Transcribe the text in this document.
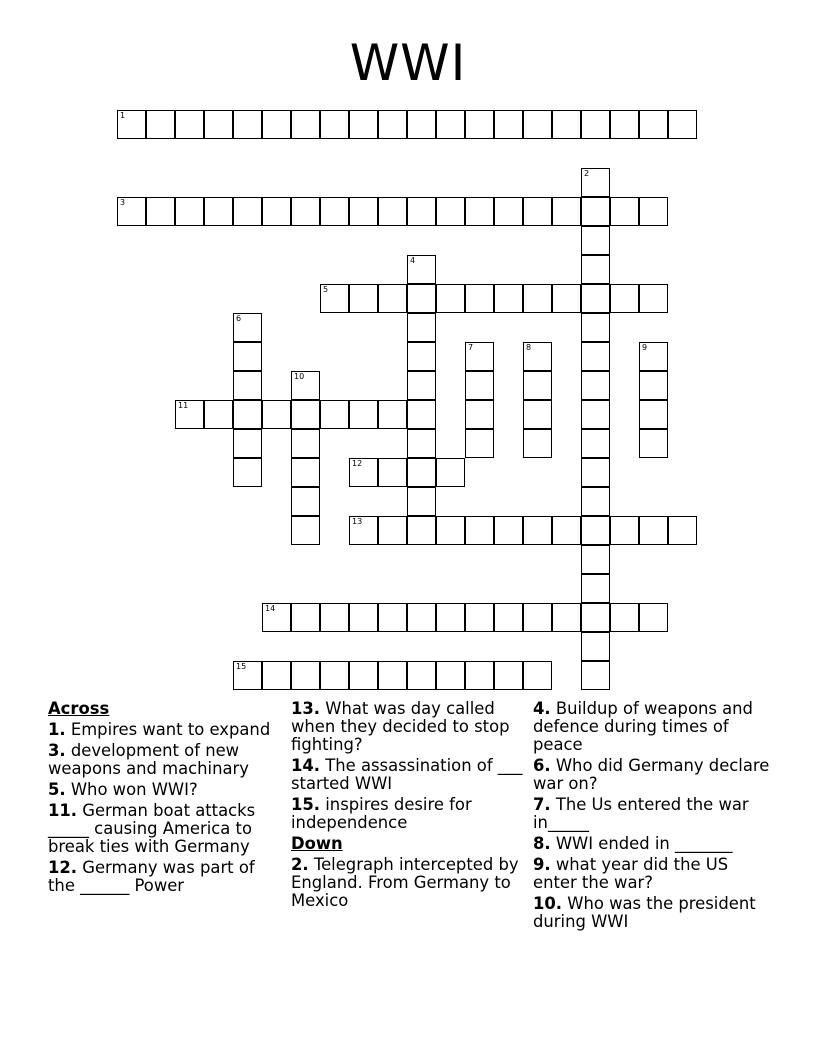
WWI
1
2
3
4
5
6
7	8	9
10
11
12
13
14
15
Across
1. Empires want to expand
3. development of new weapons and machinary
5. Who won WWI?
11. German boat attacks _____ causing America to break ties with Germany
12. Germany was part of the ______ Power
13. What was day called when they decided to stop fighting?
14. The assassination of ___ started WWI
15. inspires desire for independence
Down
2. Telegraph intercepted by England. From Germany to Mexico
4. Buildup of weapons and defence during times of peace
6. Who did Germany declare war on?
7. The Us entered the war in_____
8. WWI ended in _______
9. what year did the US enter the war?
10. Who was the president during WWI
